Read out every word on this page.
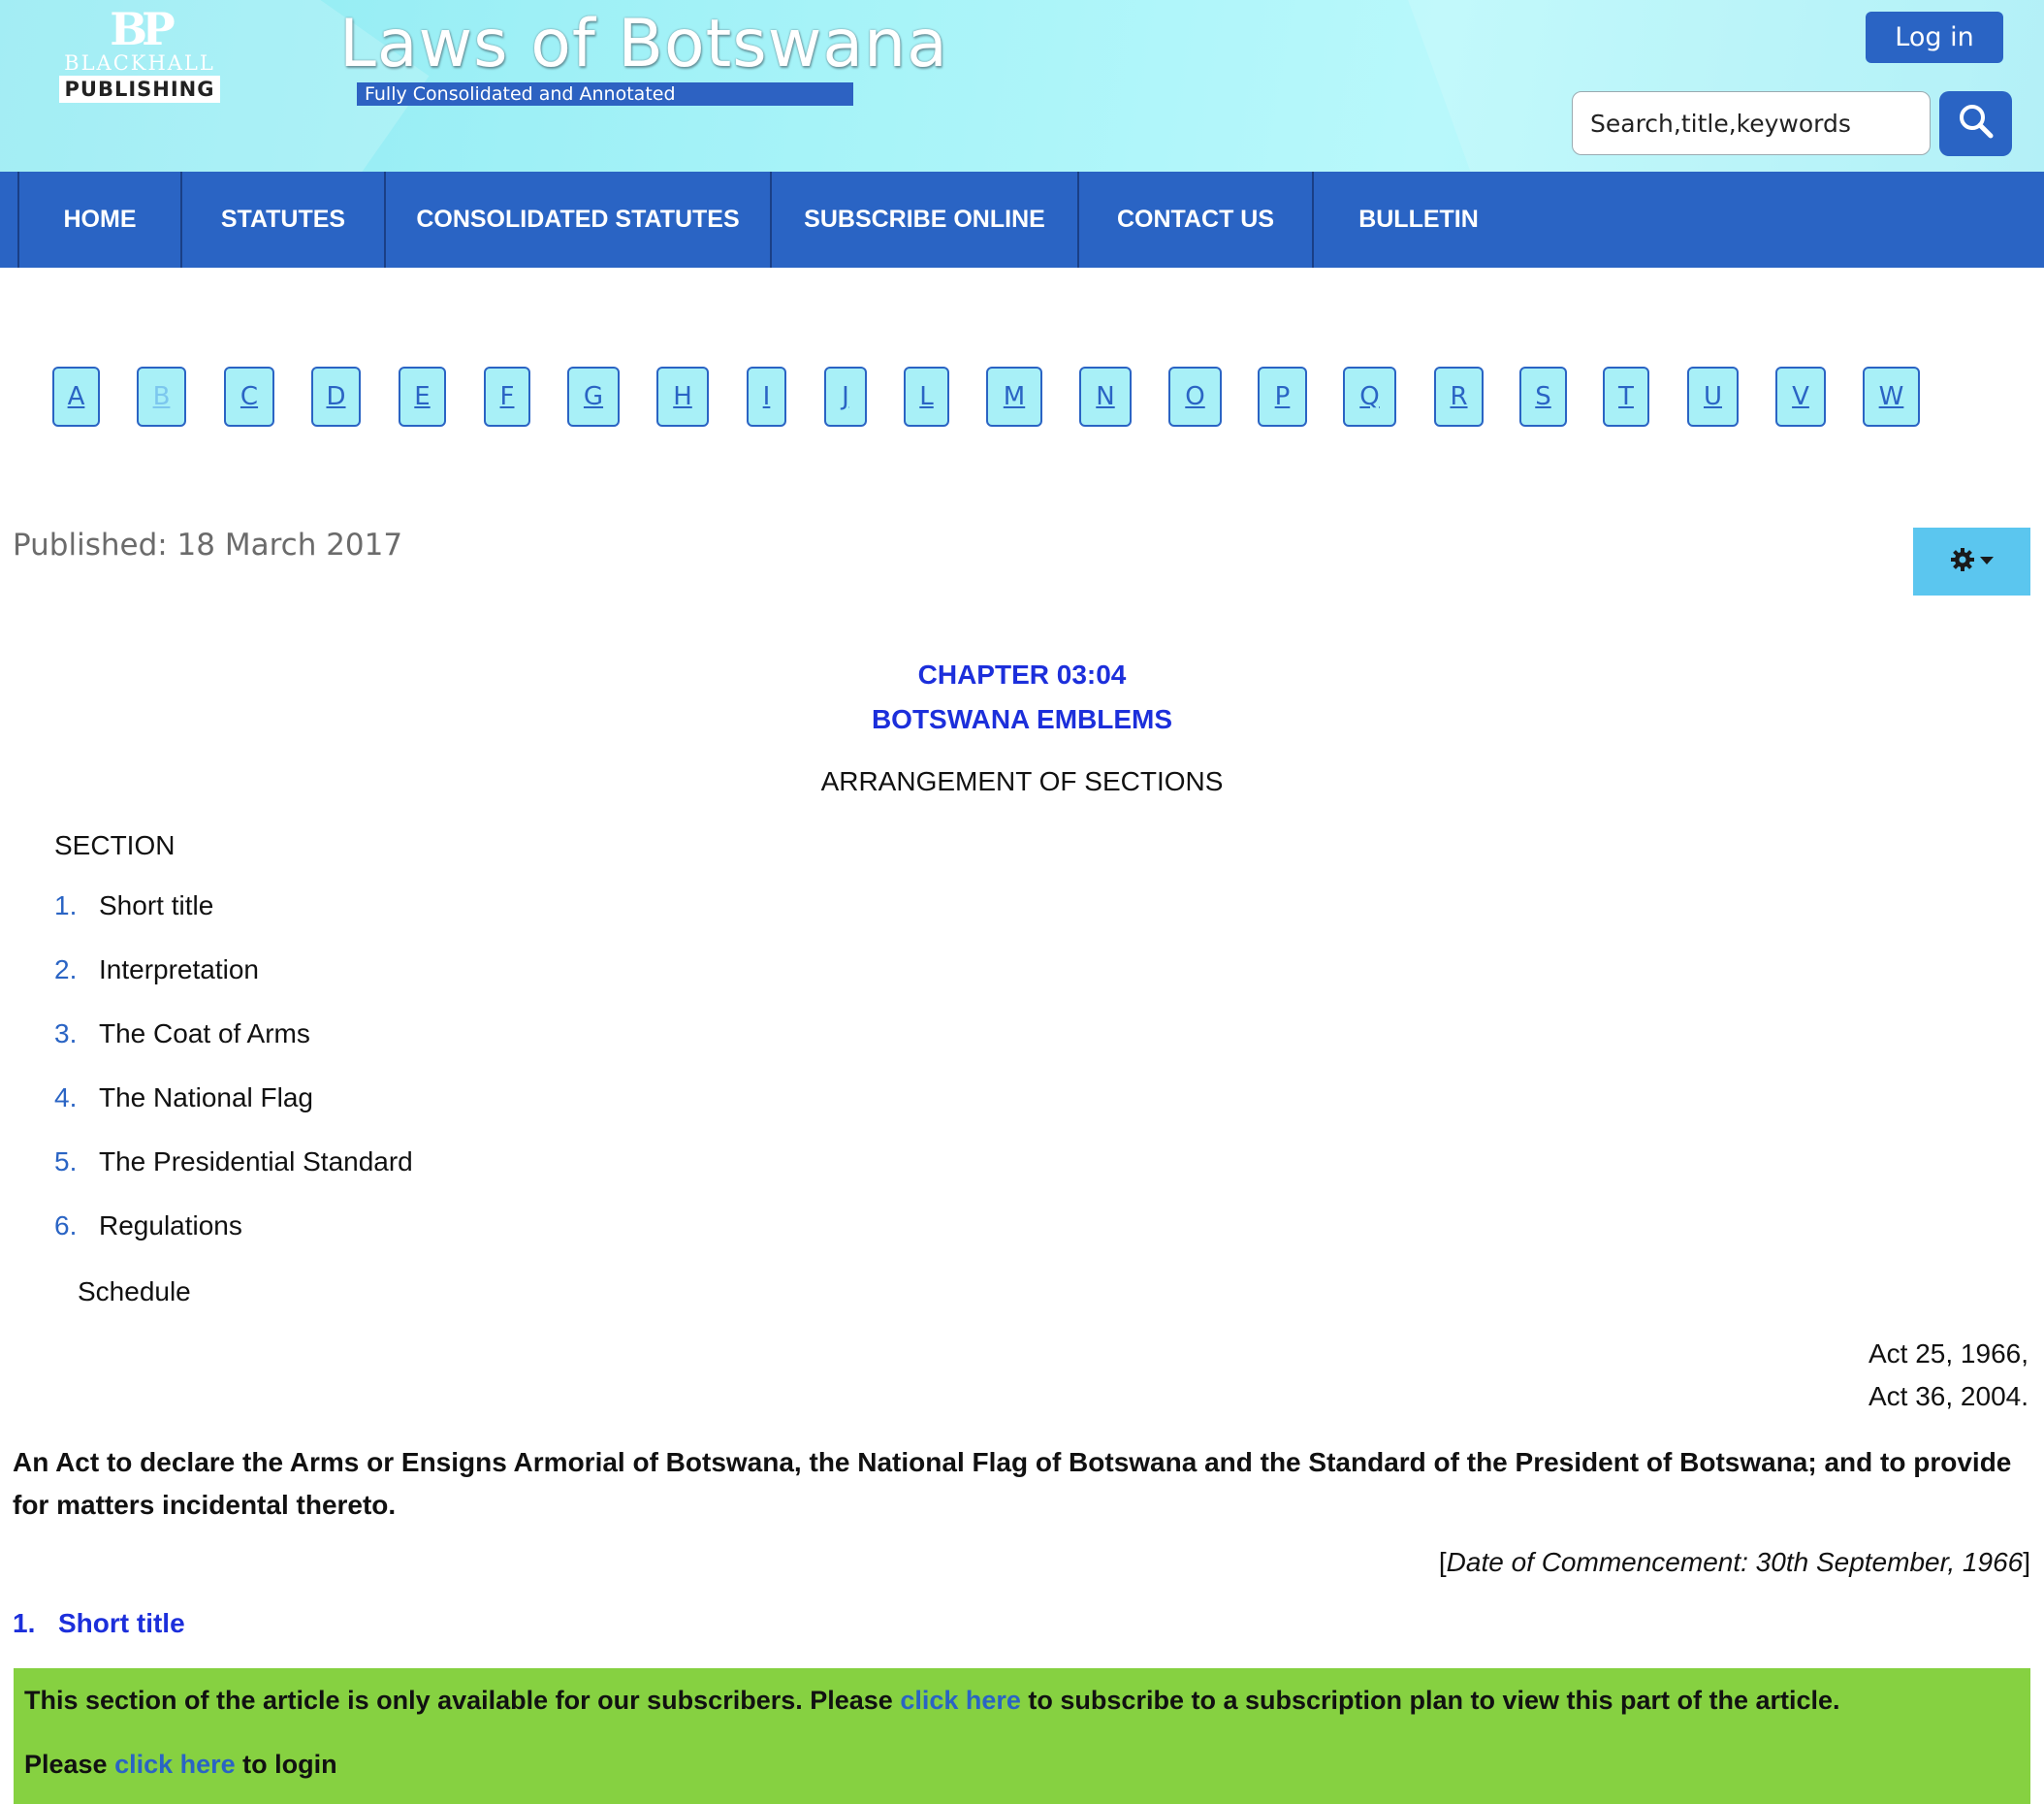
BP
BLACKHALL
PUBLISHING
Laws of Botswana
Fully Consolidated and Annotated
Log in
Search,title,keywords
HOME	STATUTES	CONSOLIDATED STATUTES	SUBSCRIBE ONLINE	CONTACT US	BULLETIN
A	B	C	D	E	F	G	H	I	J	L	M	N	O	P	Q	R	S	T	U	V	W
Published: 18 March 2017
CHAPTER 03:04
BOTSWANA EMBLEMS
ARRANGEMENT OF SECTIONS
SECTION
1. Short title
2. Interpretation
3. The Coat of Arms
4. The National Flag
5. The Presidential Standard
6. Regulations
Schedule
Act 25, 1966,
Act 36, 2004.
An Act to declare the Arms or Ensigns Armorial of Botswana, the National Flag of Botswana and the Standard of the President of Botswana; and to provide for matters incidental thereto.
[Date of Commencement: 30th September, 1966]
1. Short title
This section of the article is only available for our subscribers. Please click here to subscribe to a subscription plan to view this part of the article.
Please click here to login
